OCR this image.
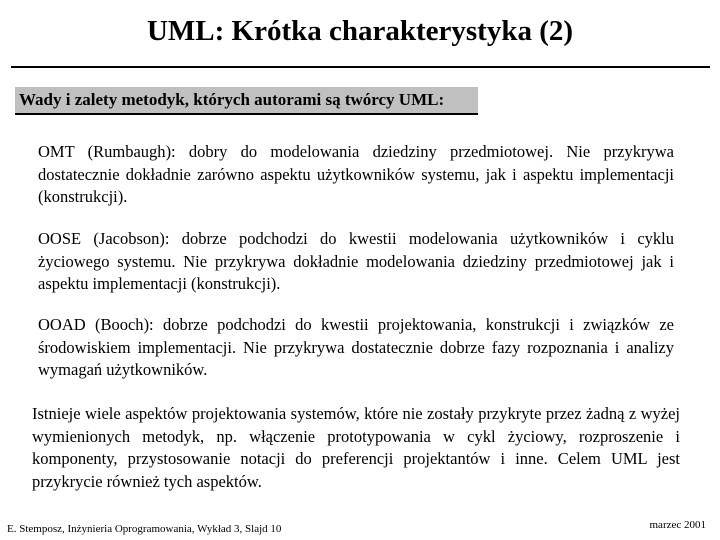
UML: Krótka charakterystyka (2)
Wady i zalety metodyk, których autorami są twórcy UML:

OMT (Rumbaugh): dobry do modelowania dziedziny przedmiotowej. Nie przykrywa dostatecznie dokładnie zarówno aspektu użytkowników systemu, jak i aspektu implementacji (konstrukcji).

OOSE (Jacobson): dobrze podchodzi do kwestii modelowania użytkowników i cyklu życiowego systemu. Nie przykrywa dokładnie modelowania dziedziny przedmiotowej jak i aspektu implementacji (konstrukcji).

OOAD (Booch): dobrze podchodzi do kwestii projektowania, konstrukcji i związków ze środowiskiem implementacji. Nie przykrywa dostatecznie dobrze fazy rozpoznania i analizy wymagań użytkowników.

Istnieje wiele aspektów projektowania systemów, które nie zostały przykryte przez żadną z wyżej wymienionych metodyk, np. włączenie prototypowania w cykl życiowy, rozproszenie i komponenty, przystosowanie notacji do preferencji projektantów i inne. Celem UML jest przykrycie również tych aspektów.

E. Stemposz, Inżynieria Oprogramowania, Wykład 3, Slajd 10	marzec 2001
